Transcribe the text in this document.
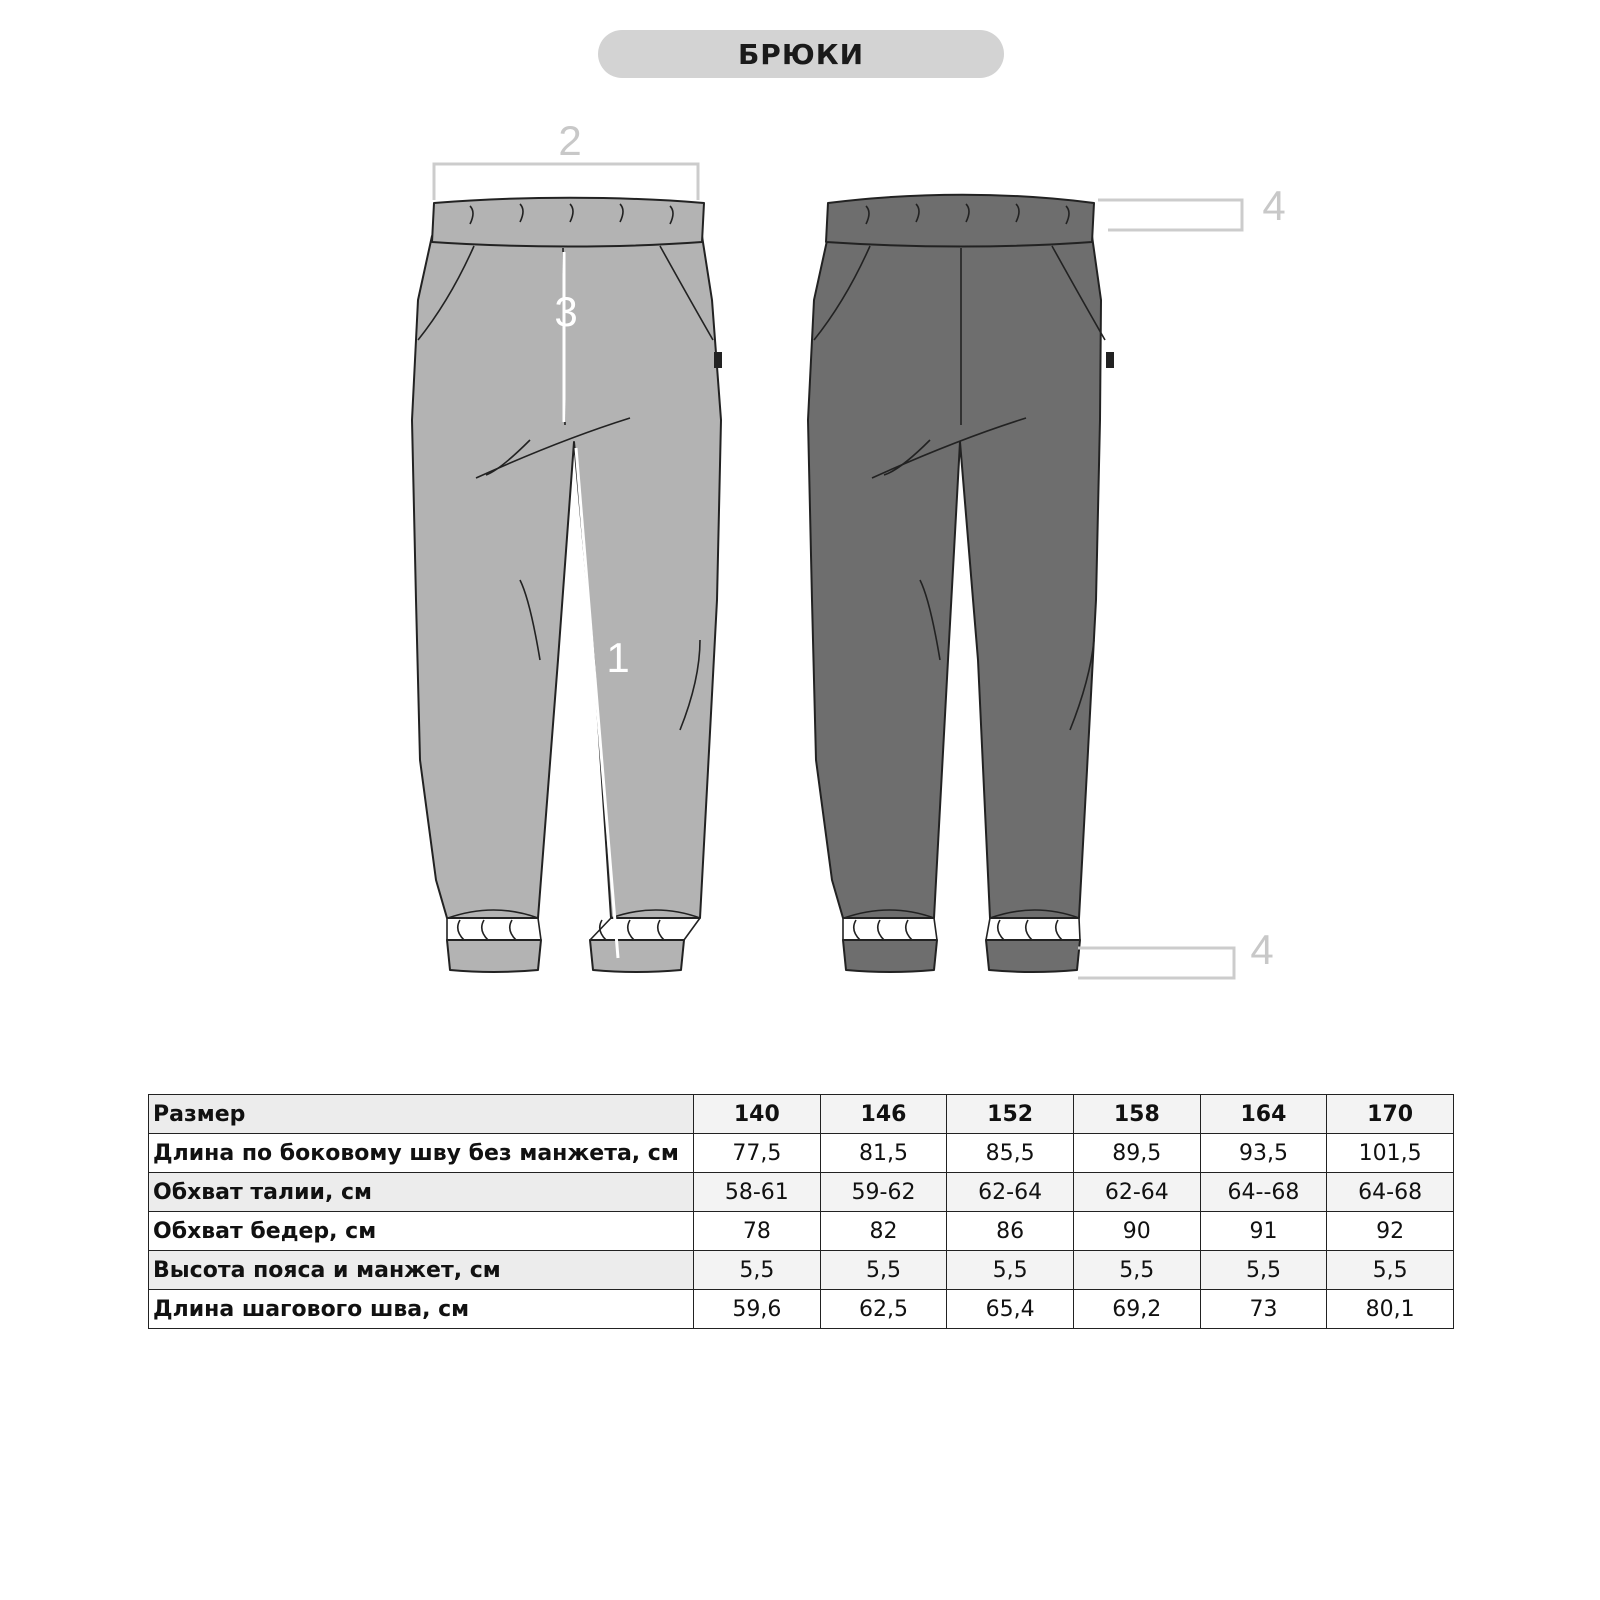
БРЮКИ
2
3
1
4
4
Размер	140	146	152	158	164	170
Длина по боковому шву без манжета, см	77,5	81,5	85,5	89,5	93,5	101,5
Обхват талии, см	58-61	59-62	62-64	62-64	64--68	64-68
Обхват бедер, см	78	82	86	90	91	92
Высота пояса и манжет, см	5,5	5,5	5,5	5,5	5,5	5,5
Длина шагового шва, см	59,6	62,5	65,4	69,2	73	80,1
